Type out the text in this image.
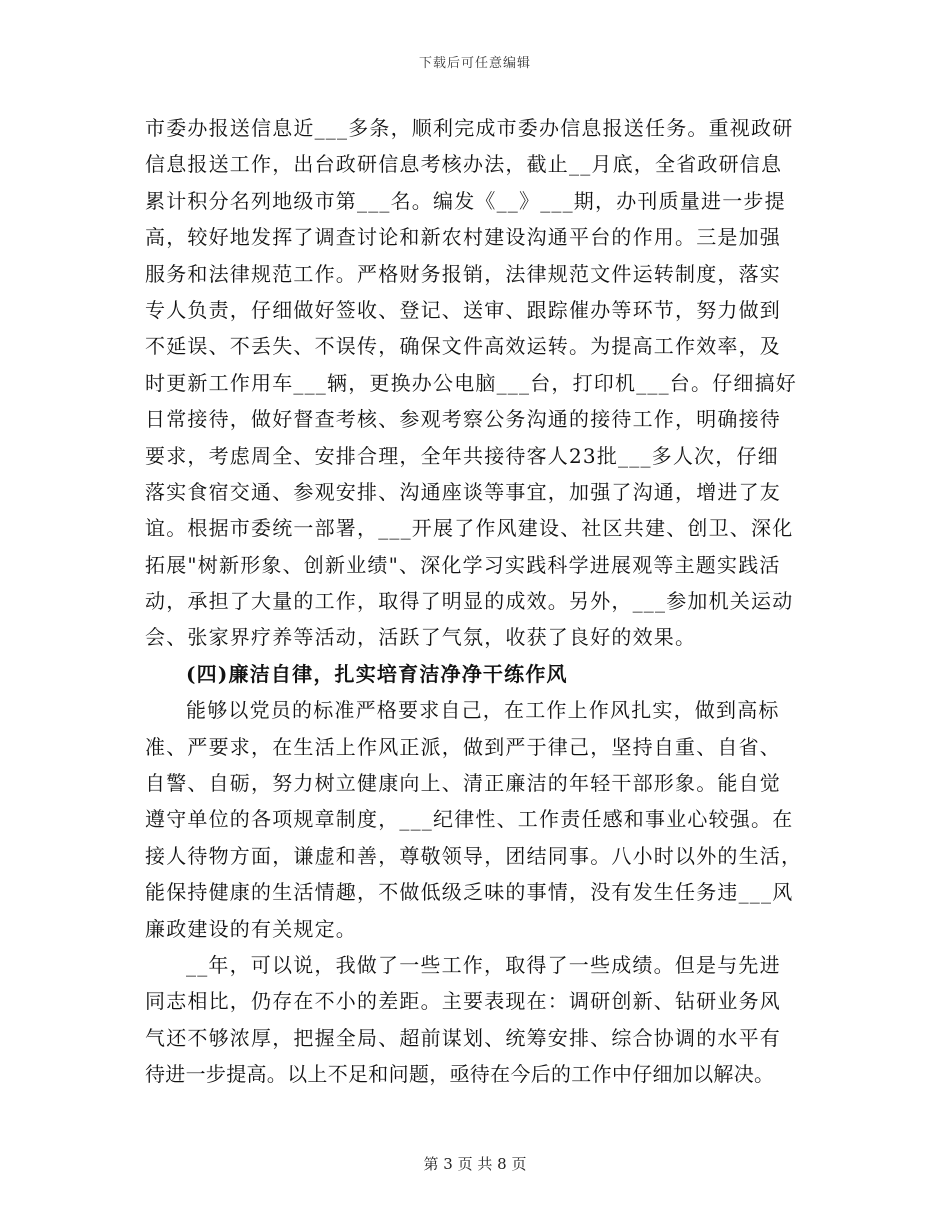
下载后可任意编辑
市委办报送信息近___多条，顺利完成市委办信息报送任务。重视政研
信息报送工作，出台政研信息考核办法，截止__月底，全省政研信息
累计积分名列地级市第___名。编发《__》___期，办刊质量进一步提
高，较好地发挥了调查讨论和新农村建设沟通平台的作用。三是加强
服务和法律规范工作。严格财务报销，法律规范文件运转制度，落实
专人负责，仔细做好签收、登记、送审、跟踪催办等环节，努力做到
不延误、不丢失、不误传，确保文件高效运转。为提高工作效率，及
时更新工作用车___辆，更换办公电脑___台，打印机___台。仔细搞好
日常接待，做好督查考核、参观考察公务沟通的接待工作，明确接待
要求，考虑周全、安排合理，全年共接待客人23批___多人次，仔细
落实食宿交通、参观安排、沟通座谈等事宜，加强了沟通，增进了友
谊。根据市委统一部署，___开展了作风建设、社区共建、创卫、深化
拓展"树新形象、创新业绩"、深化学习实践科学进展观等主题实践活
动，承担了大量的工作，取得了明显的成效。另外，___参加机关运动
会、张家界疗养等活动，活跃了气氛，收获了良好的效果。
(四)廉洁自律，扎实培育洁净净干练作风
能够以党员的标准严格要求自己，在工作上作风扎实，做到高标
准、严要求，在生活上作风正派，做到严于律己，坚持自重、自省、
自警、自砺，努力树立健康向上、清正廉洁的年轻干部形象。能自觉
遵守单位的各项规章制度，___纪律性、工作责任感和事业心较强。在
接人待物方面，谦虚和善，尊敬领导，团结同事。八小时以外的生活，
能保持健康的生活情趣，不做低级乏味的事情，没有发生任务违___风
廉政建设的有关规定。
__年，可以说，我做了一些工作，取得了一些成绩。但是与先进
同志相比，仍存在不小的差距。主要表现在：调研创新、钻研业务风
气还不够浓厚，把握全局、超前谋划、统筹安排、综合协调的水平有
待进一步提高。以上不足和问题，亟待在今后的工作中仔细加以解决。
第 3 页 共 8 页
